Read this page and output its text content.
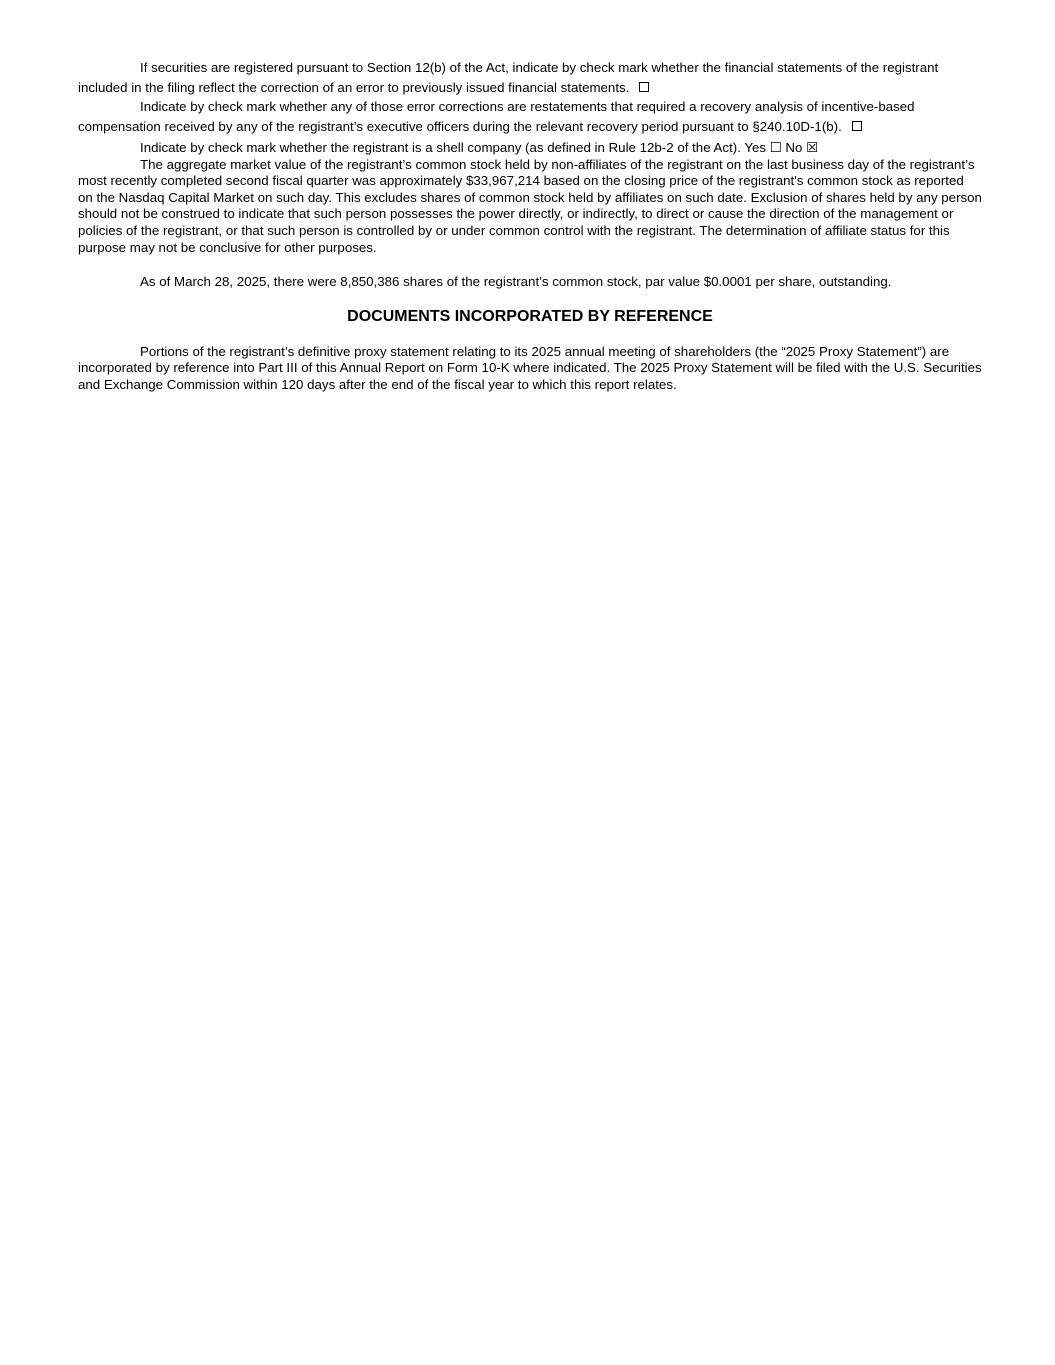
If securities are registered pursuant to Section 12(b) of the Act, indicate by check mark whether the financial statements of the registrant included in the filing reflect the correction of an error to previously issued financial statements.

Indicate by check mark whether any of those error corrections are restatements that required a recovery analysis of incentive-based compensation received by any of the registrant’s executive officers during the relevant recovery period pursuant to §240.10D-1(b).

Indicate by check mark whether the registrant is a shell company (as defined in Rule 12b-2 of the Act). Yes ☐ No ☒

The aggregate market value of the registrant’s common stock held by non-affiliates of the registrant on the last business day of the registrant’s most recently completed second fiscal quarter was approximately $33,967,214 based on the closing price of the registrant's common stock as reported on the Nasdaq Capital Market on such day. This excludes shares of common stock held by affiliates on such date. Exclusion of shares held by any person should not be construed to indicate that such person possesses the power directly, or indirectly, to direct or cause the direction of the management or policies of the registrant, or that such person is controlled by or under common control with the registrant. The determination of affiliate status for this purpose may not be conclusive for other purposes.

As of March 28, 2025, there were 8,850,386 shares of the registrant’s common stock, par value $0.0001 per share, outstanding.

DOCUMENTS INCORPORATED BY REFERENCE

Portions of the registrant’s definitive proxy statement relating to its 2025 annual meeting of shareholders (the “2025 Proxy Statement”) are incorporated by reference into Part III of this Annual Report on Form 10-K where indicated. The 2025 Proxy Statement will be filed with the U.S. Securities and Exchange Commission within 120 days after the end of the fiscal year to which this report relates.
